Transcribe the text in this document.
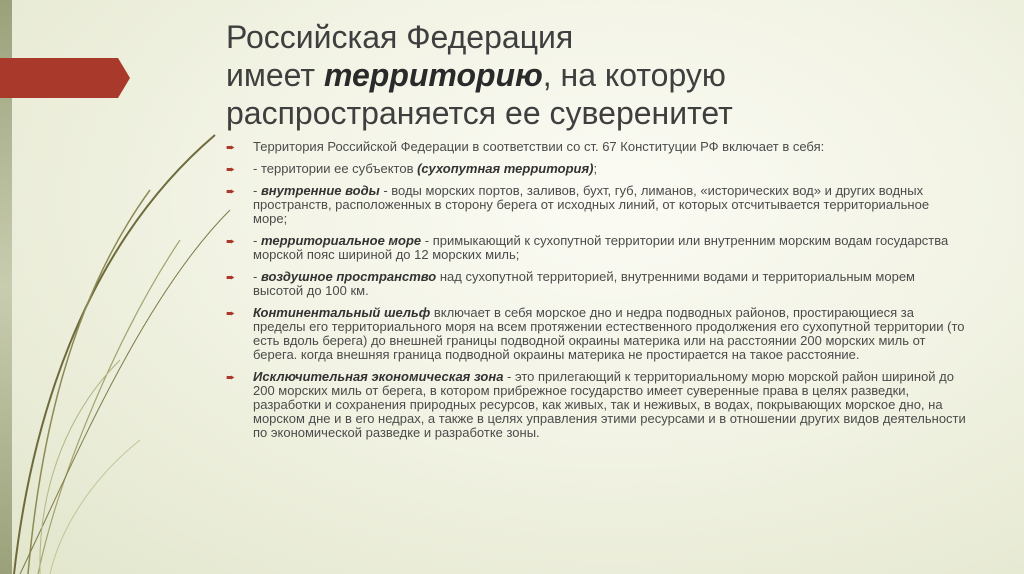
Российская Федерация
имеет территорию, на которую
распространяется ее суверенитет
➨ Территория Российской Федерации в соответствии со ст. 67 Конституции РФ включает в себя:
➨ - территории ее субъектов (сухопутная территория);
➨ - внутренние воды - воды морских портов, заливов, бухт, губ, лиманов, «исторических вод» и других водных пространств, расположенных в сторону берега от исходных линий, от которых отсчитывается территориальное море;
➨ - территориальное море - примыкающий к сухопутной территории или внутренним морским водам государства морской пояс шириной до 12 морских миль;
➨ - воздушное пространство над сухопутной территорией, внутренними водами и территориальным морем высотой до 100 км.
➨ Континентальный шельф включает в себя морское дно и недра подводных районов, простирающиеся за пределы его территориального моря на всем протяжении естественного продолжения его сухопутной территории (то есть вдоль берега) до внешней границы подводной окраины материка или на расстоянии 200 морских миль от берега. когда внешняя граница подводной окраины материка не простирается на такое расстояние.
➨ Исключительная экономическая зона - это прилегающий к территориальному морю морской район шириной до 200 морских миль от берега, в котором прибрежное государство имеет суверенные права в целях разведки, разработки и сохранения природных ресурсов, как живых, так и неживых, в водах, покрывающих морское дно, на морском дне и в его недрах, а также в целях управления этими ресурсами и в отношении других видов деятельности по экономической разведке и разработке зоны.
